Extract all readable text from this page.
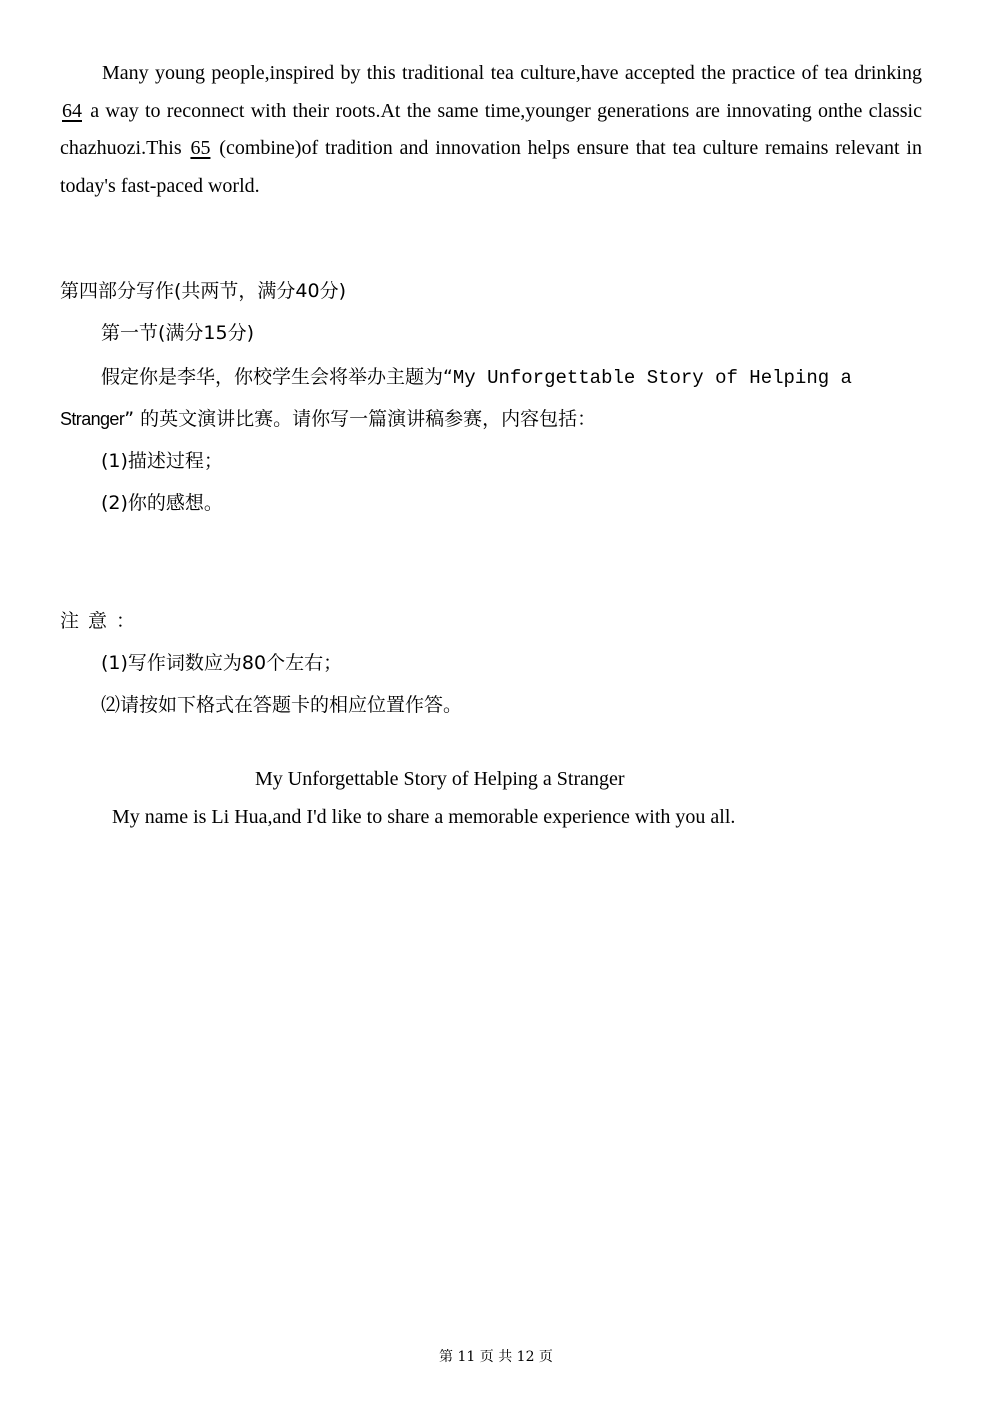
Many young people,inspired by this traditional tea culture,have accepted the practice of tea drinking 64 a way to reconnect with their roots.At the same time,younger generations are innovating onthe classic chazhuozi.This 65 (combine)of tradition and innovation helps ensure that tea culture remains relevant in today's fast-paced world.

第四部分写作(共两节，满分40分)

第一节(满分15分)

假定你是李华，你校学生会将举办主题为“My Unforgettable Story of Helping a

Stranger” 的英文演讲比赛。请你写一篇演讲稿参赛，内容包括：

(1)描述过程；

(2)你的感想。

注意：

(1)写作词数应为80个左右；

⑵请按如下格式在答题卡的相应位置作答。

My Unforgettable Story of Helping a Stranger

My name is Li Hua,and I'd like to share a memorable experience with you all.

第 11 页 共 12 页
